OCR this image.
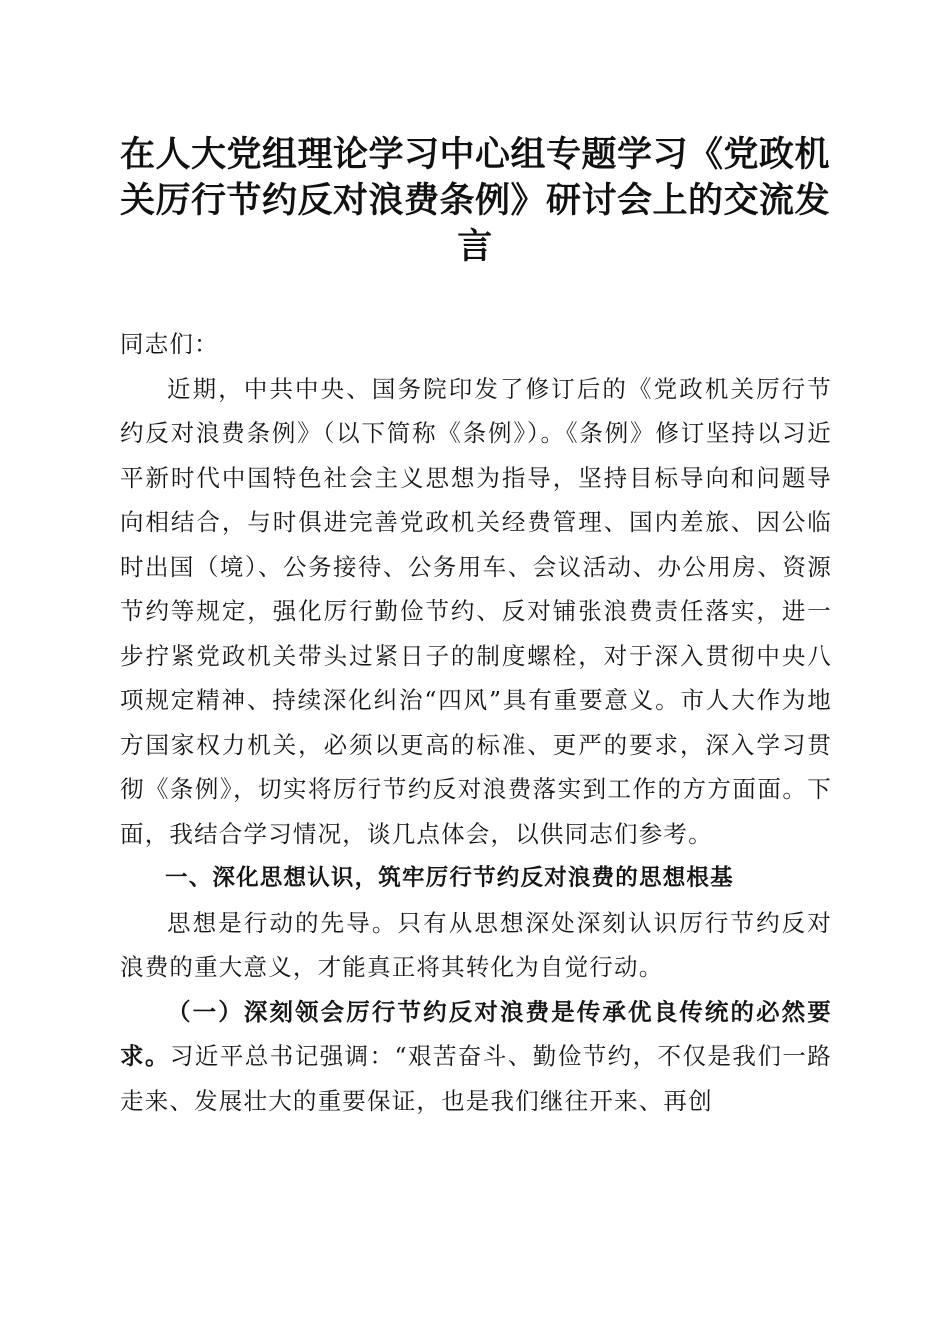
在人大党组理论学习中心组专题学习《党政机关厉行节约反对浪费条例》研讨会上的交流发言

同志们：

近期，中共中央、国务院印发了修订后的《党政机关厉行节约反对浪费条例》（以下简称《条例》）。《条例》修订坚持以习近平新时代中国特色社会主义思想为指导，坚持目标导向和问题导向相结合，与时俱进完善党政机关经费管理、国内差旅、因公临时出国（境）、公务接待、公务用车、会议活动、办公用房、资源节约等规定，强化厉行勤俭节约、反对铺张浪费责任落实，进一步拧紧党政机关带头过紧日子的制度螺栓，对于深入贯彻中央八项规定精神、持续深化纠治“四风”具有重要意义。市人大作为地方国家权力机关，必须以更高的标准、更严的要求，深入学习贯彻《条例》，切实将厉行节约反对浪费落实到工作的方方面面。下面，我结合学习情况，谈几点体会，以供同志们参考。

一、深化思想认识，筑牢厉行节约反对浪费的思想根基

思想是行动的先导。只有从思想深处深刻认识厉行节约反对浪费的重大意义，才能真正将其转化为自觉行动。

（一）深刻领会厉行节约反对浪费是传承优良传统的必然要求。习近平总书记强调：“艰苦奋斗、勤俭节约，不仅是我们一路走来、发展壮大的重要保证，也是我们继往开来、再创
